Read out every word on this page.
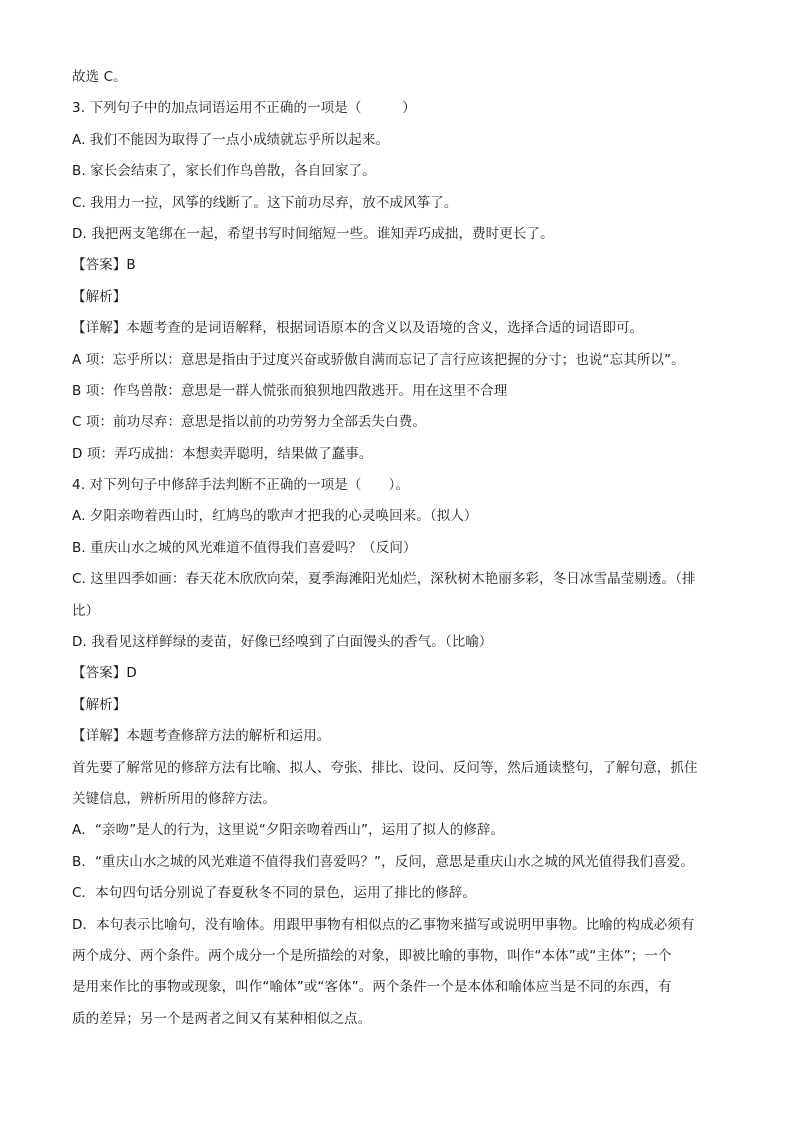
故选 C。
3. 下列句子中的加点词语运用不正确的一项是（　　　）
A. 我们不能因为取得了一点小成绩就忘乎所以起来。
B. 家长会结束了，家长们作鸟兽散，各自回家了。
C. 我用力一拉，风筝的线断了。这下前功尽弃，放不成风筝了。
D. 我把两支笔绑在一起，希望书写时间缩短一些。谁知弄巧成拙，费时更长了。
【答案】B
【解析】
【详解】本题考查的是词语解释，根据词语原本的含义以及语境的含义，选择合适的词语即可。
A 项：忘乎所以：意思是指由于过度兴奋或骄傲自满而忘记了言行应该把握的分寸；也说“忘其所以”。
B 项：作鸟兽散：意思是一群人慌张而狼狈地四散逃开。用在这里不合理
C 项：前功尽弃：意思是指以前的功劳努力全部丢失白费。
D 项：弄巧成拙：本想卖弄聪明，结果做了蠢事。
4. 对下列句子中修辞手法判断不正确的一项是（　　）。
A. 夕阳亲吻着西山时，红鸠鸟的歌声才把我的心灵唤回来。（拟人）
B. 重庆山水之城的风光难道不值得我们喜爱吗？（反问）
C. 这里四季如画：春天花木欣欣向荣，夏季海滩阳光灿烂，深秋树木艳丽多彩，冬日冰雪晶莹剔透。（排
比）
D. 我看见这样鲜绿的麦苗，好像已经嗅到了白面馒头的香气。（比喻）
【答案】D
【解析】
【详解】本题考查修辞方法的解析和运用。
首先要了解常见的修辞方法有比喻、拟人、夸张、排比、设问、反问等，然后通读整句，了解句意，抓住
关键信息，辨析所用的修辞方法。
A．“亲吻”是人的行为，这里说“夕阳亲吻着西山”，运用了拟人的修辞。
B．“重庆山水之城的风光难道不值得我们喜爱吗？”，反问，意思是重庆山水之城的风光值得我们喜爱。
C．本句四句话分别说了春夏秋冬不同的景色，运用了排比的修辞。
D．本句表示比喻句，没有喻体。用跟甲事物有相似点的乙事物来描写或说明甲事物。比喻的构成必须有
两个成分、两个条件。两个成分一个是所描绘的对象，即被比喻的事物，叫作“本体”或“主体”；一个
是用来作比的事物或现象，叫作“喻体”或“客体”。两个条件一个是本体和喻体应当是不同的东西，有
质的差异；另一个是两者之间又有某种相似之点。
